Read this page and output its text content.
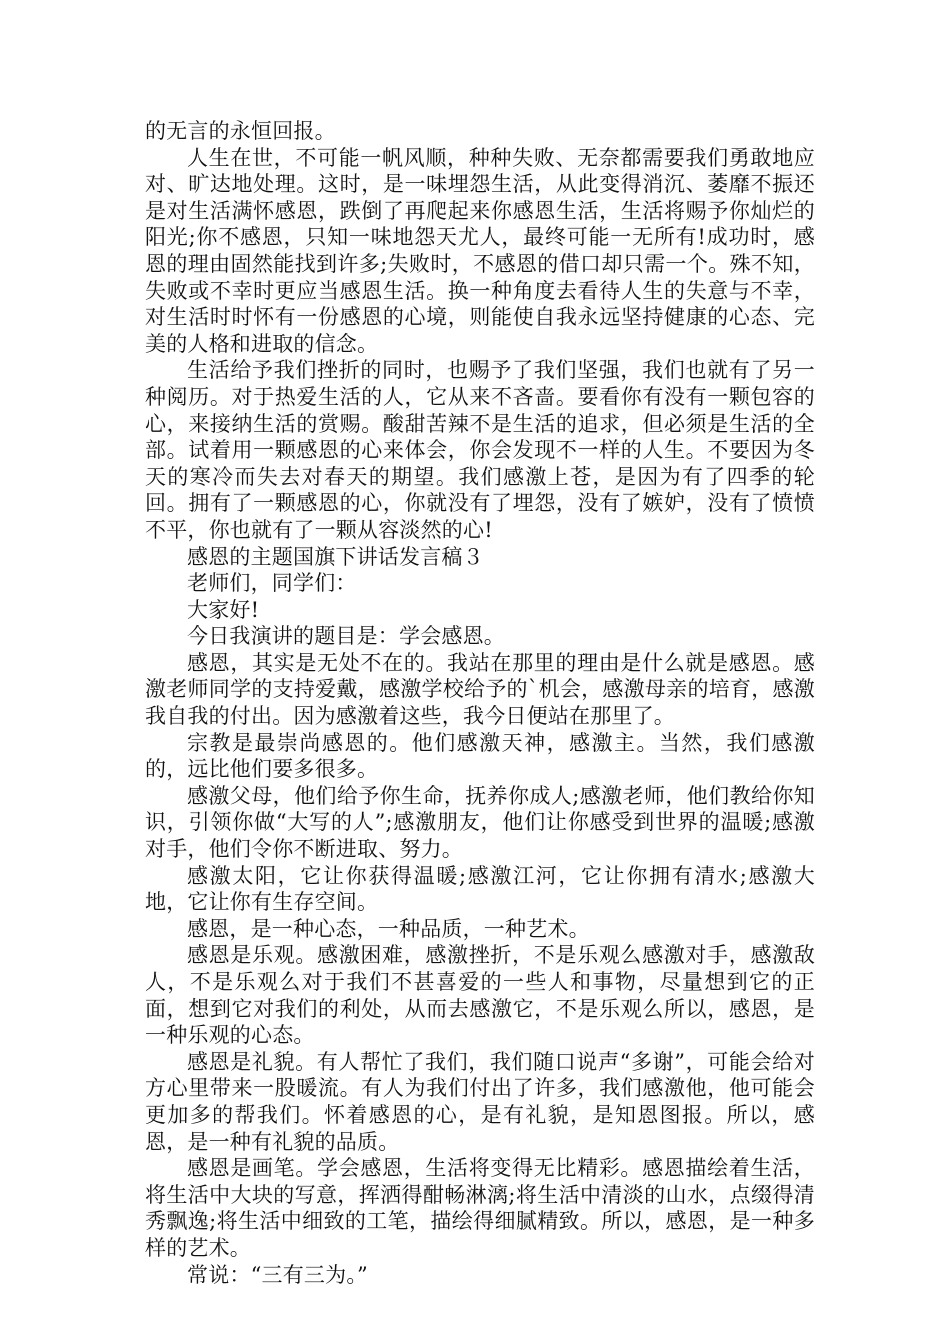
的无言的永恒回报。

人生在世，不可能一帆风顺，种种失败、无奈都需要我们勇敢地应对、旷达地处理。这时，是一味埋怨生活，从此变得消沉、萎靡不振还是对生活满怀感恩，跌倒了再爬起来你感恩生活，生活将赐予你灿烂的阳光;你不感恩，只知一味地怨天尤人，最终可能一无所有!成功时，感恩的理由固然能找到许多;失败时，不感恩的借口却只需一个。殊不知，失败或不幸时更应当感恩生活。换一种角度去看待人生的失意与不幸，对生活时时怀有一份感恩的心境，则能使自我永远坚持健康的心态、完美的人格和进取的信念。

生活给予我们挫折的同时，也赐予了我们坚强，我们也就有了另一种阅历。对于热爱生活的人，它从来不吝啬。要看你有没有一颗包容的心，来接纳生活的赏赐。酸甜苦辣不是生活的追求，但必须是生活的全部。试着用一颗感恩的心来体会，你会发现不一样的人生。不要因为冬天的寒冷而失去对春天的期望。我们感激上苍，是因为有了四季的轮回。拥有了一颗感恩的心，你就没有了埋怨，没有了嫉妒，没有了愤愤不平，你也就有了一颗从容淡然的心!

感恩的主题国旗下讲话发言稿３

老师们，同学们：

大家好!

今日我演讲的题目是：学会感恩。

感恩，其实是无处不在的。我站在那里的理由是什么就是感恩。感激老师同学的支持爱戴，感激学校给予的`机会，感激母亲的培育，感激我自我的付出。因为感激着这些，我今日便站在那里了。

宗教是最崇尚感恩的。他们感激天神，感激主。当然，我们感激的，远比他们要多很多。

感激父母，他们给予你生命，抚养你成人;感激老师，他们教给你知识，引领你做“大写的人”;感激朋友，他们让你感受到世界的温暖;感激对手，他们令你不断进取、努力。

感激太阳，它让你获得温暖;感激江河，它让你拥有清水;感激大地，它让你有生存空间。

感恩，是一种心态，一种品质，一种艺术。

感恩是乐观。感激困难，感激挫折，不是乐观么感激对手，感激敌人，不是乐观么对于我们不甚喜爱的一些人和事物，尽量想到它的正面，想到它对我们的利处，从而去感激它，不是乐观么所以，感恩，是一种乐观的心态。

感恩是礼貌。有人帮忙了我们，我们随口说声“多谢”，可能会给对方心里带来一股暖流。有人为我们付出了许多，我们感激他，他可能会更加多的帮我们。怀着感恩的心，是有礼貌，是知恩图报。所以，感恩，是一种有礼貌的品质。

感恩是画笔。学会感恩，生活将变得无比精彩。感恩描绘着生活，将生活中大块的写意，挥洒得酣畅淋漓;将生活中清淡的山水，点缀得清秀飘逸;将生活中细致的工笔，描绘得细腻精致。所以，感恩，是一种多样的艺术。

常说：“三有三为。”
